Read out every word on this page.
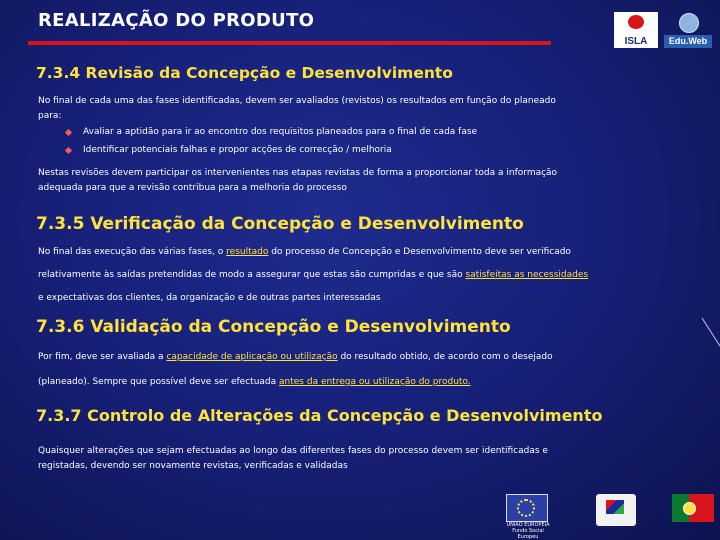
REALIZAÇÃO DO PRODUTO
ISLA	Edu.Web
7.3.4 Revisão da Concepção e Desenvolvimento
No final de cada uma das fases identificadas, devem ser avaliados (revistos) os resultados em função do planeado
para:
Avaliar a aptidão para ir ao encontro dos requisitos planeados para o final de cada fase
Identificar potenciais falhas e propor acções de correcção / melhoria
Nestas revisões devem participar os intervenientes nas etapas revistas de forma a proporcionar toda a informação
adequada para que a revisão contribua para a melhoria do processo
7.3.5 Verificação da Concepção e Desenvolvimento
No final das execução das várias fases, o resultado do processo de Concepção e Desenvolvimento deve ser verificado
relativamente às saídas pretendidas de modo a assegurar que estas são cumpridas e que são satisfeitas as necessidades
e expectativas dos clientes, da organização e de outras partes interessadas
7.3.6 Validação da Concepção e Desenvolvimento
Por fim, deve ser avaliada a capacidade de aplicação ou utilização do resultado obtido, de acordo com o desejado
(planeado). Sempre que possível deve ser efectuada antes da entrega ou utilização do produto.
7.3.7 Controlo de Alterações da Concepção e Desenvolvimento
Quaisquer alterações que sejam efectuadas ao longo das diferentes fases do processo devem ser identificadas e
registadas, devendo ser novamente revistas, verificadas e validadas
UNIÃO EUROPEIA Fundo Social Europeu
